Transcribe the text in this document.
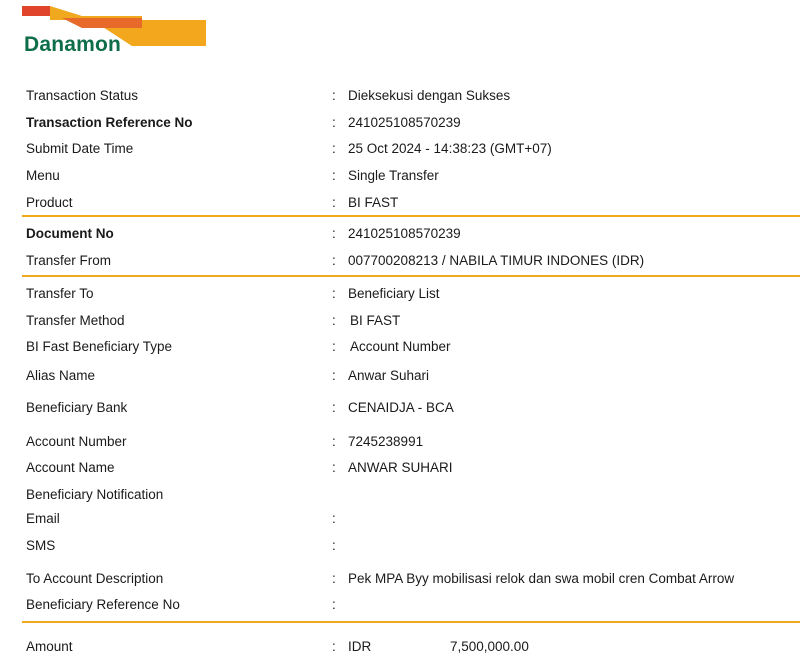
Danamon
Transaction Status	: Dieksekusi dengan Sukses
Transaction Reference No	: 241025108570239
Submit Date Time	: 25 Oct 2024 - 14:38:23 (GMT+07)
Menu	: Single Transfer
Product	: BI FAST
Document No	: 241025108570239
Transfer From	: 007700208213 / NABILA TIMUR INDONES (IDR)
Transfer To	: Beneficiary List
Transfer Method	: BI FAST
BI Fast Beneficiary Type	: Account Number
Alias Name	: Anwar Suhari
Beneficiary Bank	: CENAIDJA - BCA
Account Number	: 7245238991
Account Name	: ANWAR SUHARI
Beneficiary Notification
Email	:
SMS	:
To Account Description	: Pek MPA Byy mobilisasi relok dan swa mobil cren Combat Arrow
Beneficiary Reference No	:
Amount	: IDR	7,500,000.00
